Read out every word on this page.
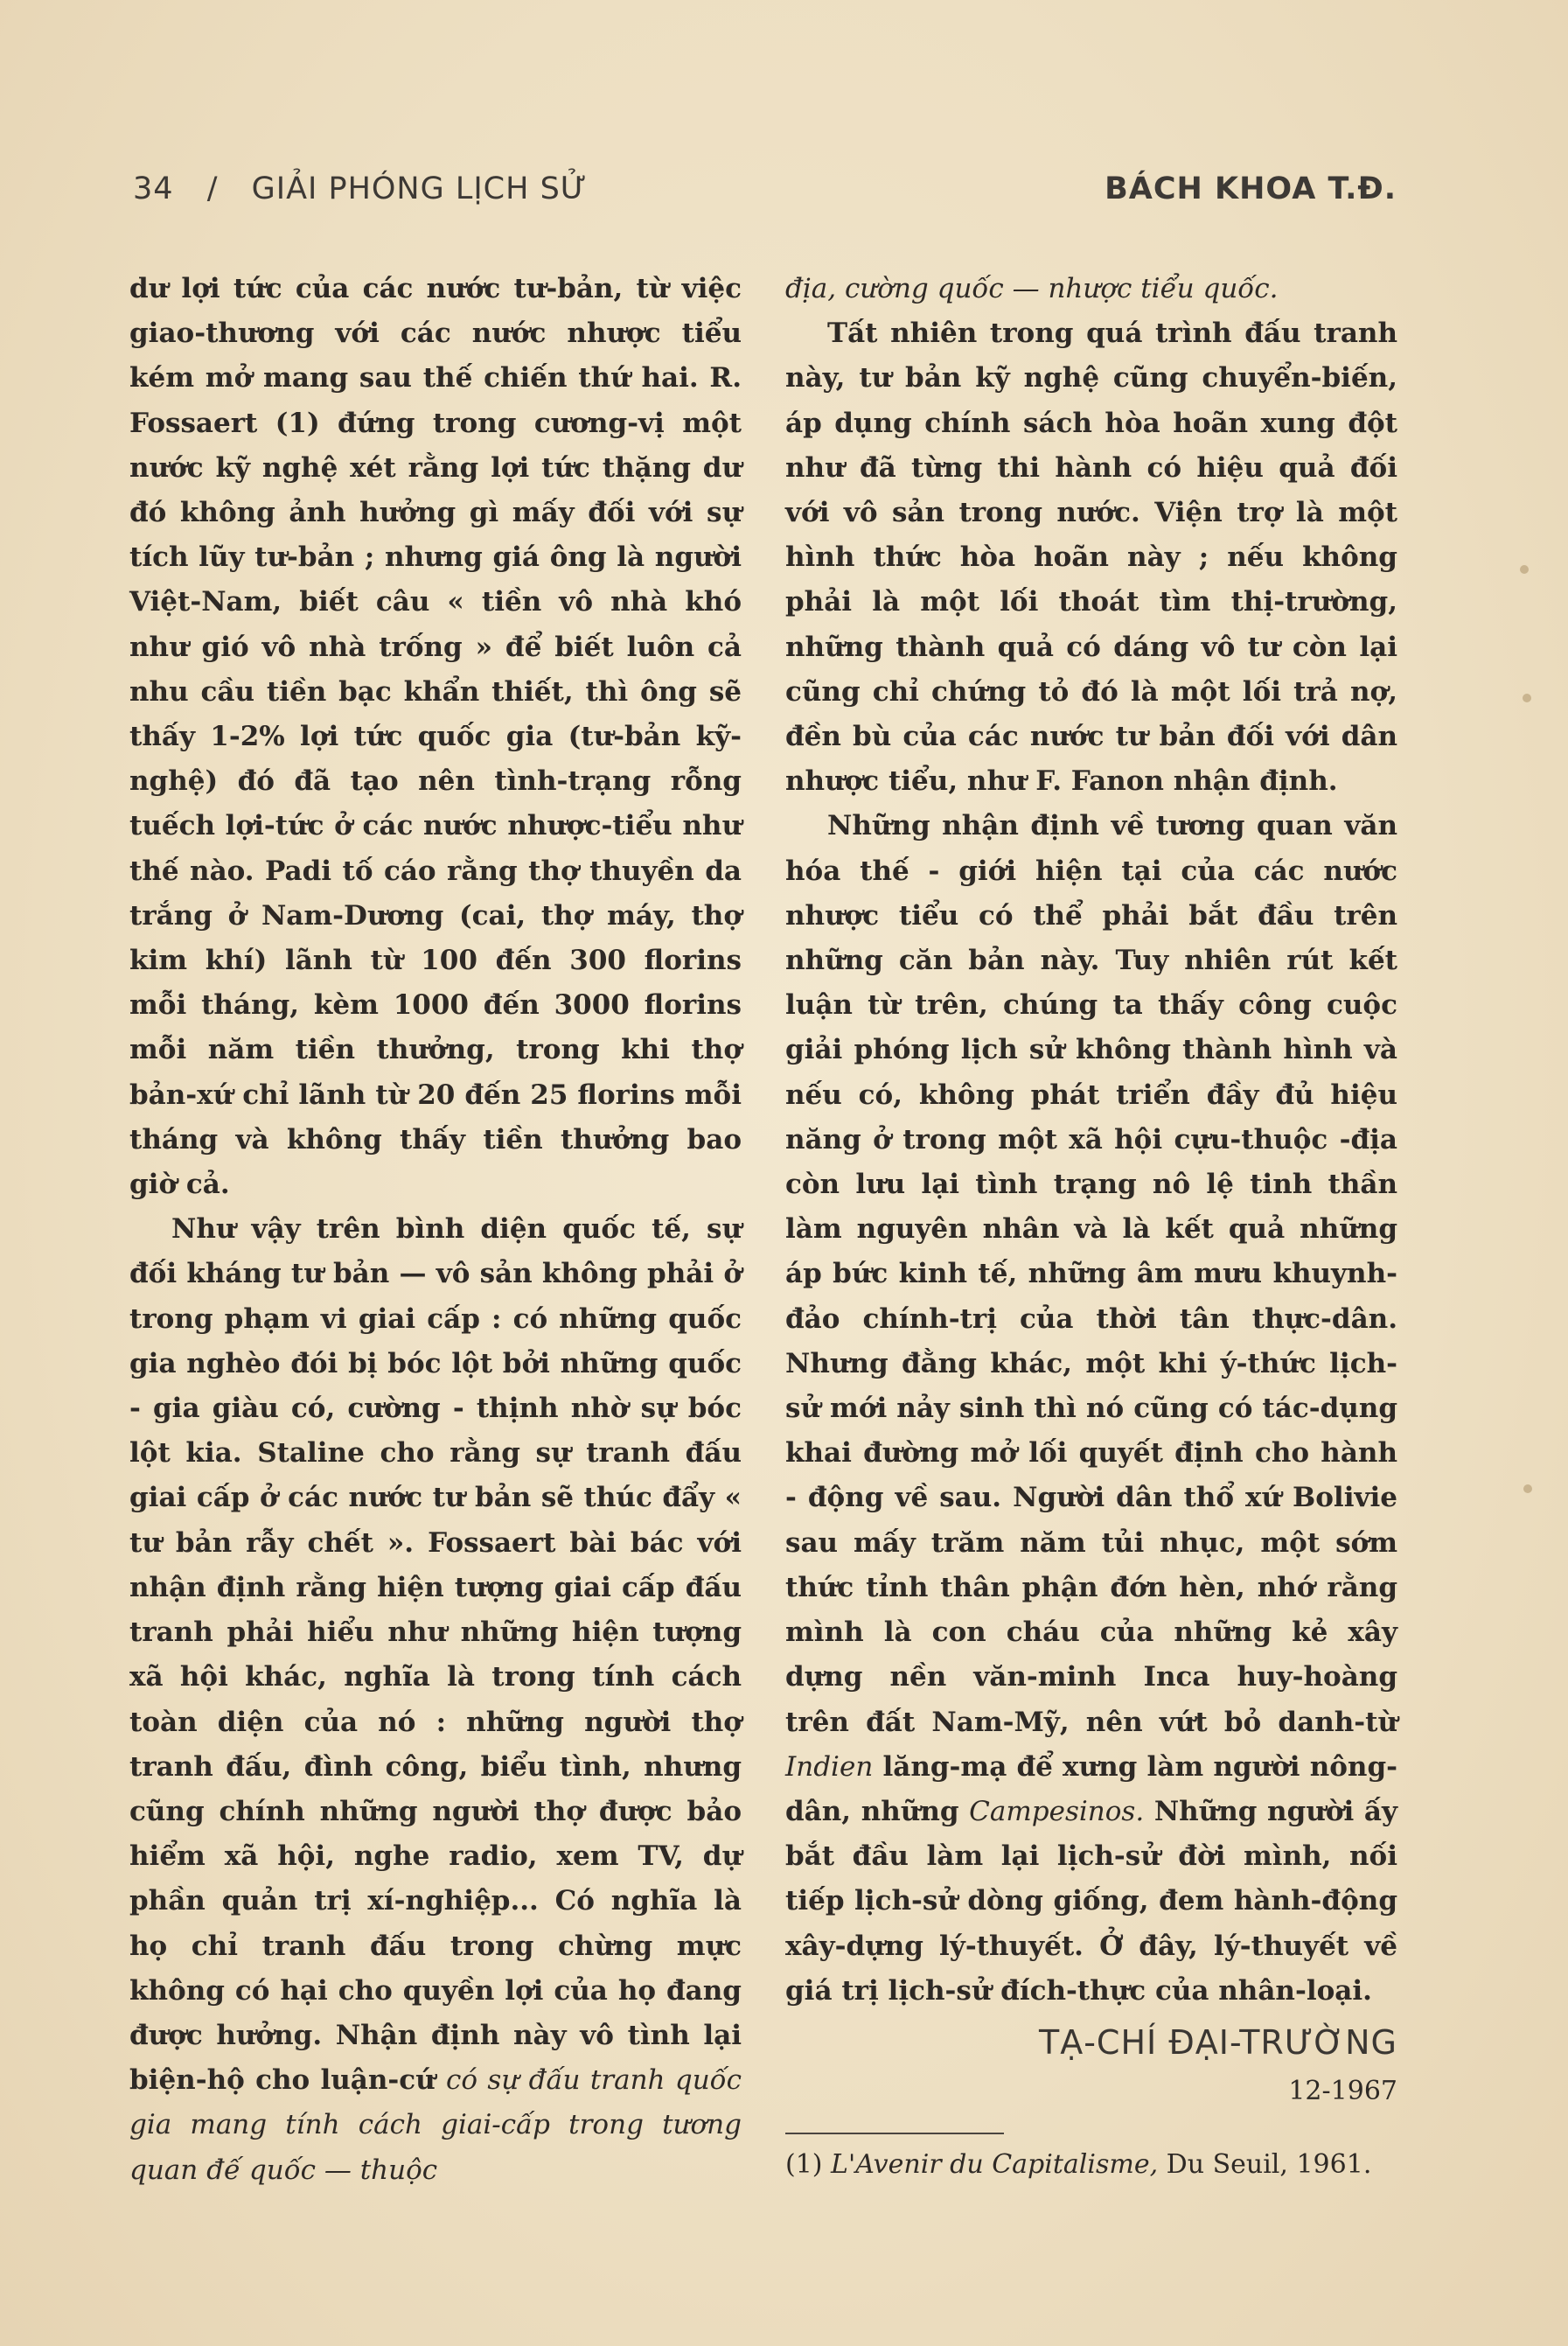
34 / GIẢI PHÓNG LỊCH SỬ	BÁCH KHOA T.Đ.

dư lợi tức của các nước tư-bản, từ việc giao-thương với các nước nhược tiểu kém mở mang sau thế chiến thứ hai. R. Fossaert (1) đứng trong cương-vị một nước kỹ nghệ xét rằng lợi tức thặng dư đó không ảnh hưởng gì mấy đối với sự tích lũy tư-bản ; nhưng giá ông là người Việt-Nam, biết câu « tiền vô nhà khó như gió vô nhà trống » để biết luôn cả nhu cầu tiền bạc khẩn thiết, thì ông sẽ thấy 1-2% lợi tức quốc gia (tư-bản kỹ-nghệ) đó đã tạo nên tình-trạng rỗng tuếch lợi-tức ở các nước nhược-tiểu như thế nào. Padi tố cáo rằng thợ thuyền da trắng ở Nam-Dương (cai, thợ máy, thợ kim khí) lãnh từ 100 đến 300 florins mỗi tháng, kèm 1000 đến 3000 florins mỗi năm tiền thưởng, trong khi thợ bản-xứ chỉ lãnh từ 20 đến 25 florins mỗi tháng và không thấy tiền thưởng bao giờ cả.

Như vậy trên bình diện quốc tế, sự đối kháng tư bản — vô sản không phải ở trong phạm vi giai cấp : có những quốc gia nghèo đói bị bóc lột bởi những quốc - gia giàu có, cường - thịnh nhờ sự bóc lột kia. Staline cho rằng sự tranh đấu giai cấp ở các nước tư bản sẽ thúc đẩy « tư bản rẫy chết ». Fossaert bài bác với nhận định rằng hiện tượng giai cấp đấu tranh phải hiểu như những hiện tượng xã hội khác, nghĩa là trong tính cách toàn diện của nó : những người thợ tranh đấu, đình công, biểu tình, nhưng cũng chính những người thợ được bảo hiểm xã hội, nghe radio, xem TV, dự phần quản trị xí-nghiệp... Có nghĩa là họ chỉ tranh đấu trong chừng mực không có hại cho quyền lợi của họ đang được hưởng. Nhận định này vô tình lại biện-hộ cho luận-cứ có sự đấu tranh quốc gia mang tính cách giai-cấp trong tương quan đế quốc — thuộc

địa, cường quốc — nhược tiểu quốc.

Tất nhiên trong quá trình đấu tranh này, tư bản kỹ nghệ cũng chuyển-biến, áp dụng chính sách hòa hoãn xung đột như đã từng thi hành có hiệu quả đối với vô sản trong nước. Viện trợ là một hình thức hòa hoãn này ; nếu không phải là một lối thoát tìm thị-trường, những thành quả có dáng vô tư còn lại cũng chỉ chứng tỏ đó là một lối trả nợ, đền bù của các nước tư bản đối với dân nhược tiểu, như F. Fanon nhận định.

Những nhận định về tương quan văn hóa thế - giới hiện tại của các nước nhược tiểu có thể phải bắt đầu trên những căn bản này. Tuy nhiên rút kết luận từ trên, chúng ta thấy công cuộc giải phóng lịch sử không thành hình và nếu có, không phát triển đầy đủ hiệu năng ở trong một xã hội cựu-thuộc -địa còn lưu lại tình trạng nô lệ tinh thần làm nguyên nhân và là kết quả những áp bức kinh tế, những âm mưu khuynh-đảo chính-trị của thời tân thực-dân. Nhưng đằng khác, một khi ý-thức lịch-sử mới nảy sinh thì nó cũng có tác-dụng khai đường mở lối quyết định cho hành - động về sau. Người dân thổ xứ Bolivie sau mấy trăm năm tủi nhục, một sớm thức tỉnh thân phận đớn hèn, nhớ rằng mình là con cháu của những kẻ xây dựng nền văn-minh Inca huy-hoàng trên đất Nam-Mỹ, nên vứt bỏ danh-từ Indien lăng-mạ để xưng làm người nông-dân, những Campesinos. Những người ấy bắt đầu làm lại lịch-sử đời mình, nối tiếp lịch-sử dòng giống, đem hành-động xây-dựng lý-thuyết. Ở đây, lý-thuyết về giá trị lịch-sử đích-thực của nhân-loại.

TẠ-CHÍ ĐẠI-TRƯỜNG
12-1967
(1) L'Avenir du Capitalisme, Du Seuil, 1961.
